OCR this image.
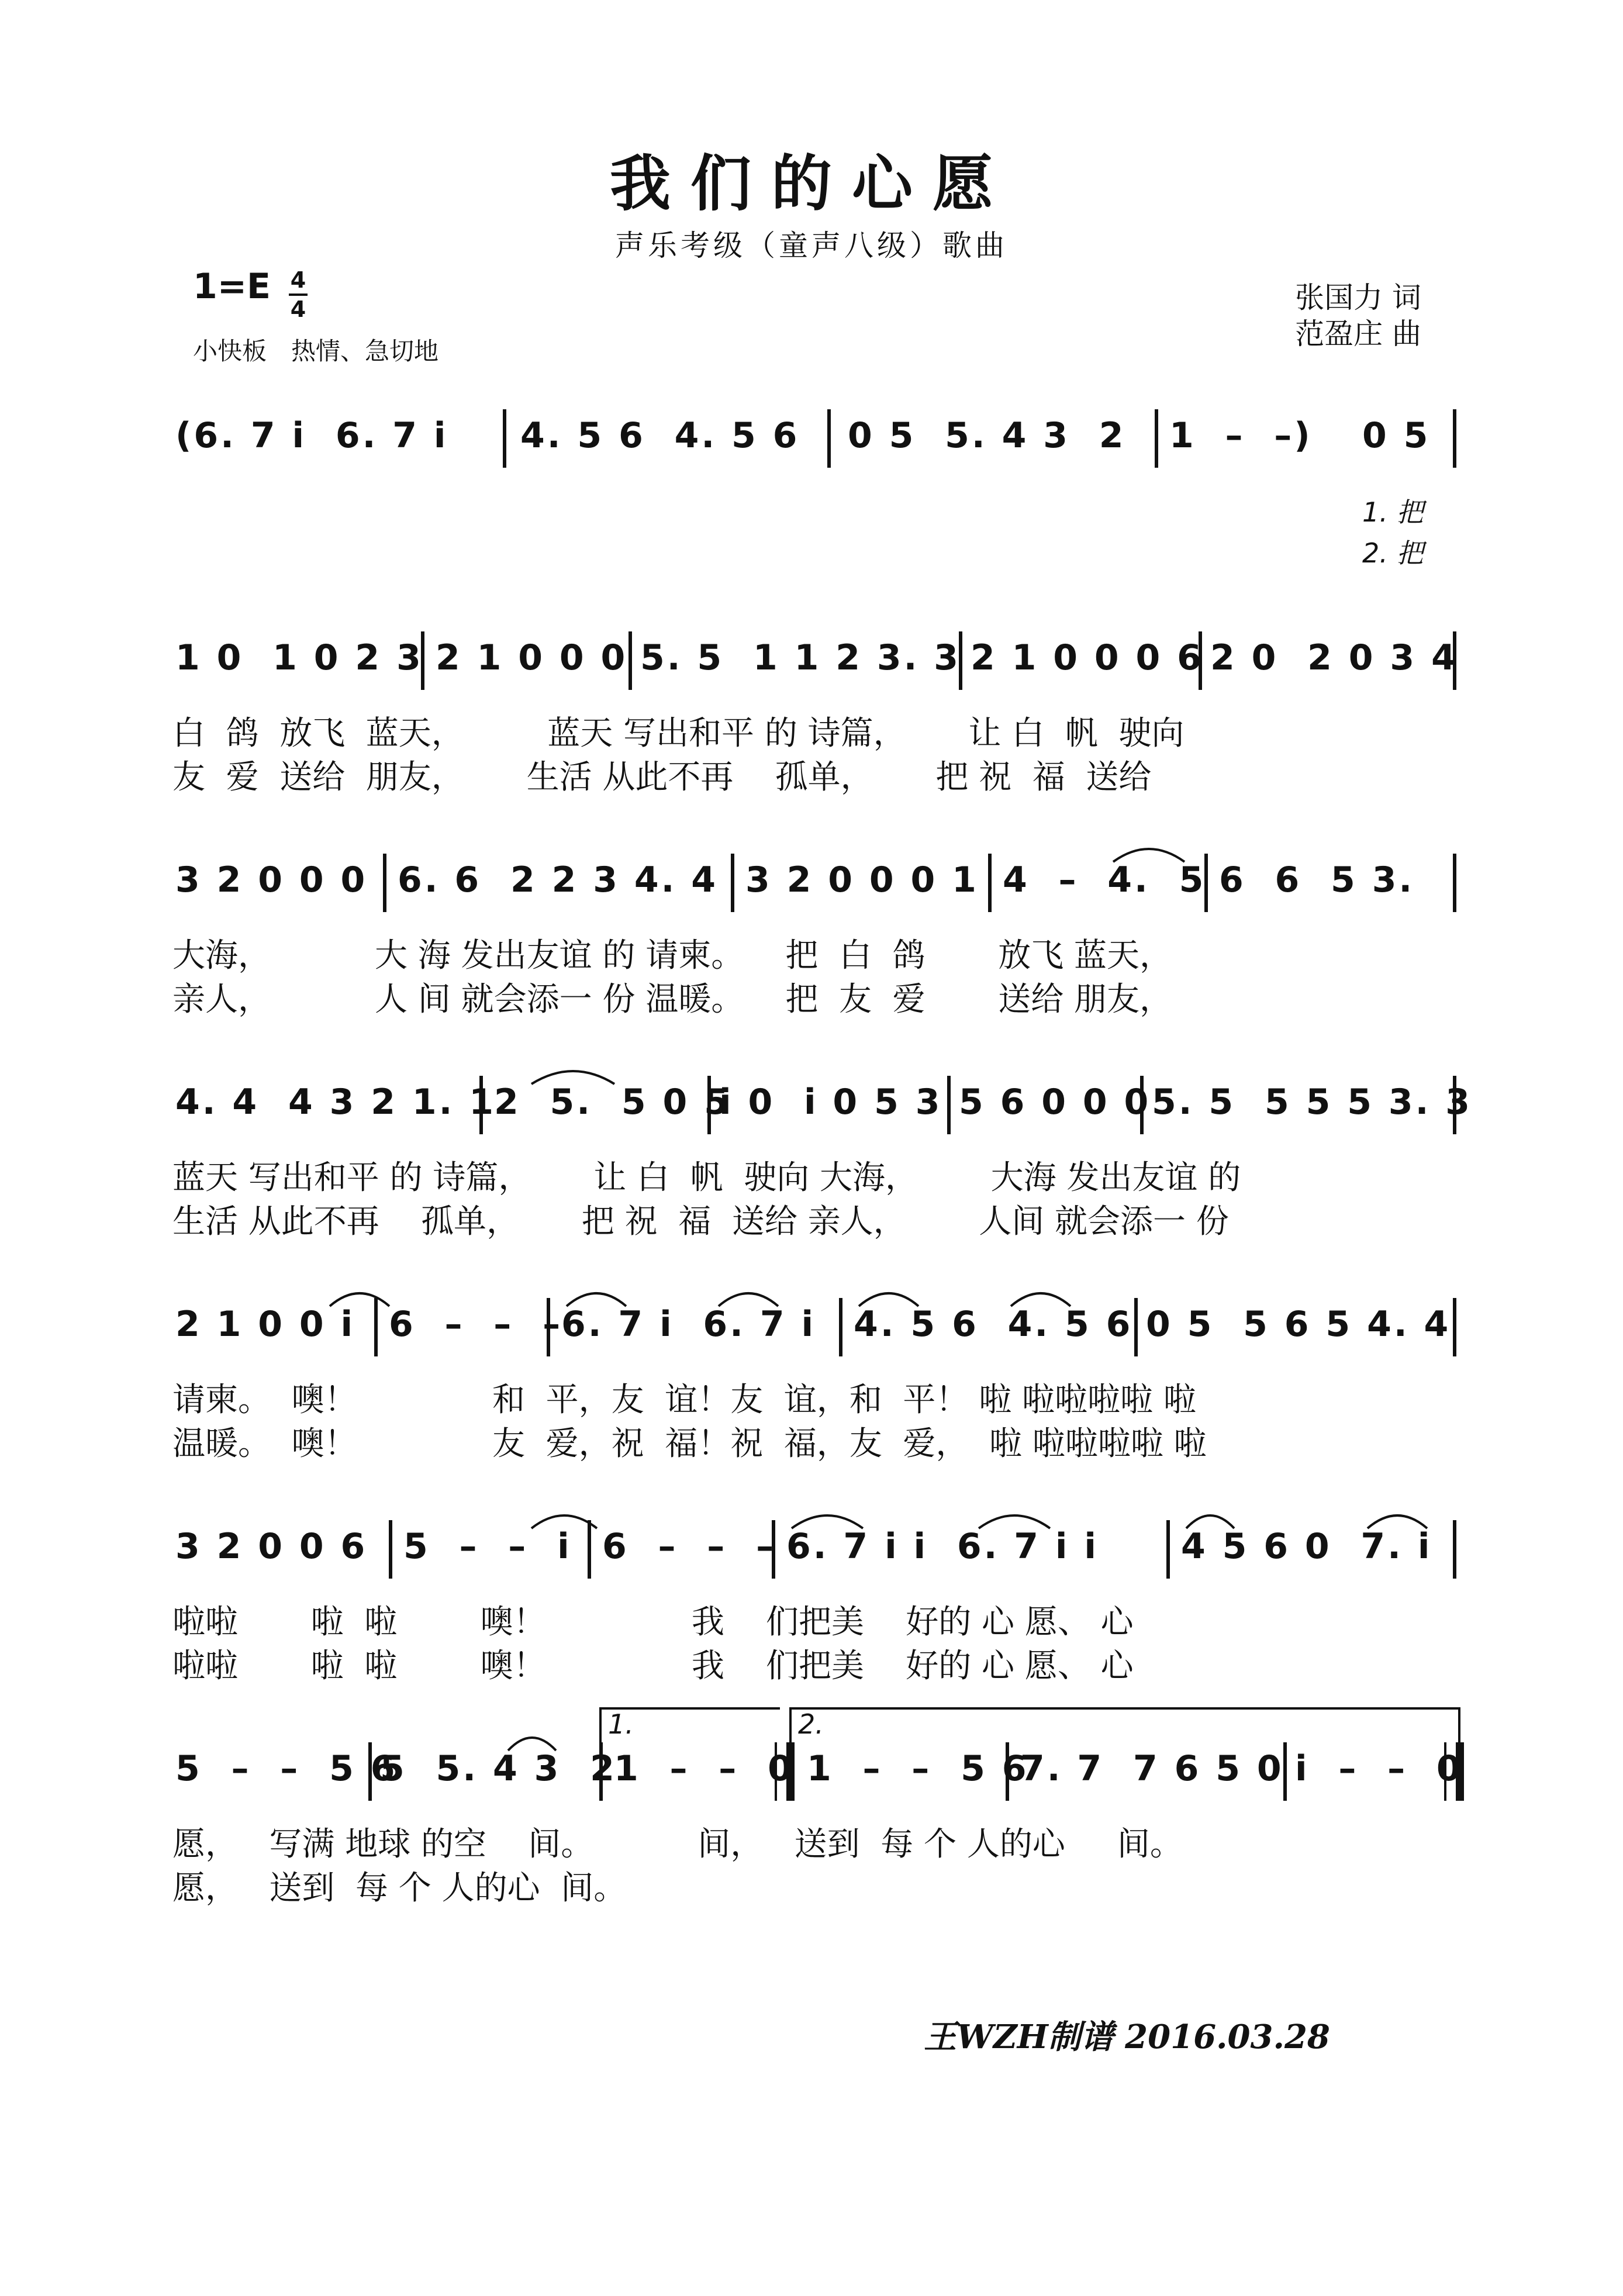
我们的心愿
声乐考级（童声八级）歌曲
1=E 4
4
小快板　热情、急切地
张国力 词
范盈庄 曲
(6. 7 i  6. 7 i 4. 5 6  4. 5 6 0 5  5. 4 3  2 1  –  –) 0 5
1. 把
2. 把
1 0  1 0 2 3 2 1 0 0 0 5. 5  1 1 2 3. 3 2 1 0 0 0 6 2 0  2 0 3 4
白  鸽  放飞  蓝天，        蓝天 写出和平 的 诗篇，      让 白  帆  驶向
友  爱  送给  朋友，      生活 从此不再    孤单，      把 祝  福  送给
3 2 0 0 0 6. 6  2 2 3 4. 4 3 2 0 0 0 1 4  –  4.  5 6  6  5 3.
大海，          大 海 发出友谊 的 请柬。    把  白  鸽       放飞 蓝天，
亲人，          人 间 就会添一 份 温暖。    把  友  爱       送给 朋友，
4. 4  4 3 2 1. 1
2  5.  5 0 5
i 0  i 0 5 3 5 6 0 0 0 5. 5  5 5 5 3. 3
蓝天 写出和平 的 诗篇，      让 白  帆  驶向 大海，       大海 发出友谊 的
生活 从此不再    孤单，      把 祝  福  送给 亲人，       人间 就会添一 份
2 1 0 0 i 6  –  –  –
6. 7 i  6. 7 i 4. 5 6  4. 5 6 0 5  5 6 5 4. 4
请柬。  噢！             和  平，友  谊！友  谊，和  平！ 啦 啦啦啦啦 啦
温暖。  噢！             友  爱，祝  福！祝  福，友  爱，  啦 啦啦啦啦 啦
3 2 0 0 6 5  –  –  i 6  –  –  – 6. 7 i i  6. 7 i i 4 5 6 0  7. i
啦啦       啦  啦        噢！              我    们把美    好的 心 愿、 心
啦啦       啦  啦        噢！              我    们把美    好的 心 愿、 心
1.	2.
5  –  –  5 6
5  5. 4 3  2
1  –  –  0 1  –  –  5 6
7. 7  7 6 5 0 i  –  –  0
愿，   写满 地球 的空    间。          间，   送到  每 个 人的心     间。
愿，   送到  每 个 人的心  间。
王WZH制谱 2016.03.28
